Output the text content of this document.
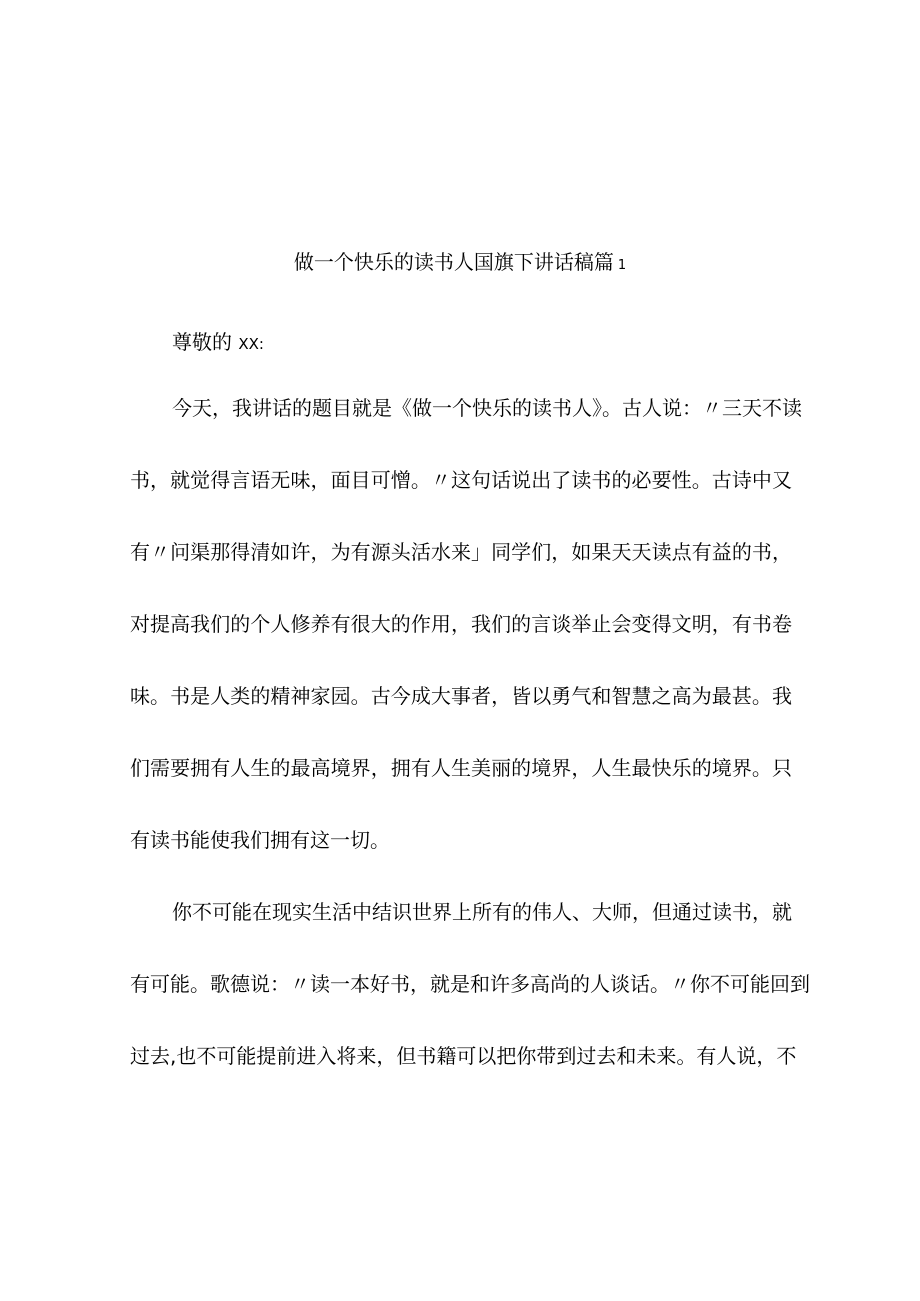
做一个快乐的读书人国旗下讲话稿篇 1
尊敬的 XX:
今天，我讲话的题目就是《做一个快乐的读书人》。古人说：〃三天不读
书，就觉得言语无味，面目可憎。〃这句话说出了读书的必要性。古诗中又
有〃问渠那得清如许，为有源头活水来」同学们，如果天天读点有益的书，
对提高我们的个人修养有很大的作用，我们的言谈举止会变得文明，有书卷
味。书是人类的精神家园。古今成大事者，皆以勇气和智慧之高为最甚。我
们需要拥有人生的最高境界，拥有人生美丽的境界，人生最快乐的境界。只
有读书能使我们拥有这一切。
你不可能在现实生活中结识世界上所有的伟人、大师，但通过读书，就
有可能。歌德说：〃读一本好书，就是和许多高尚的人谈话。〃你不可能回到
过去,也不可能提前进入将来，但书籍可以把你带到过去和未来。有人说，不
